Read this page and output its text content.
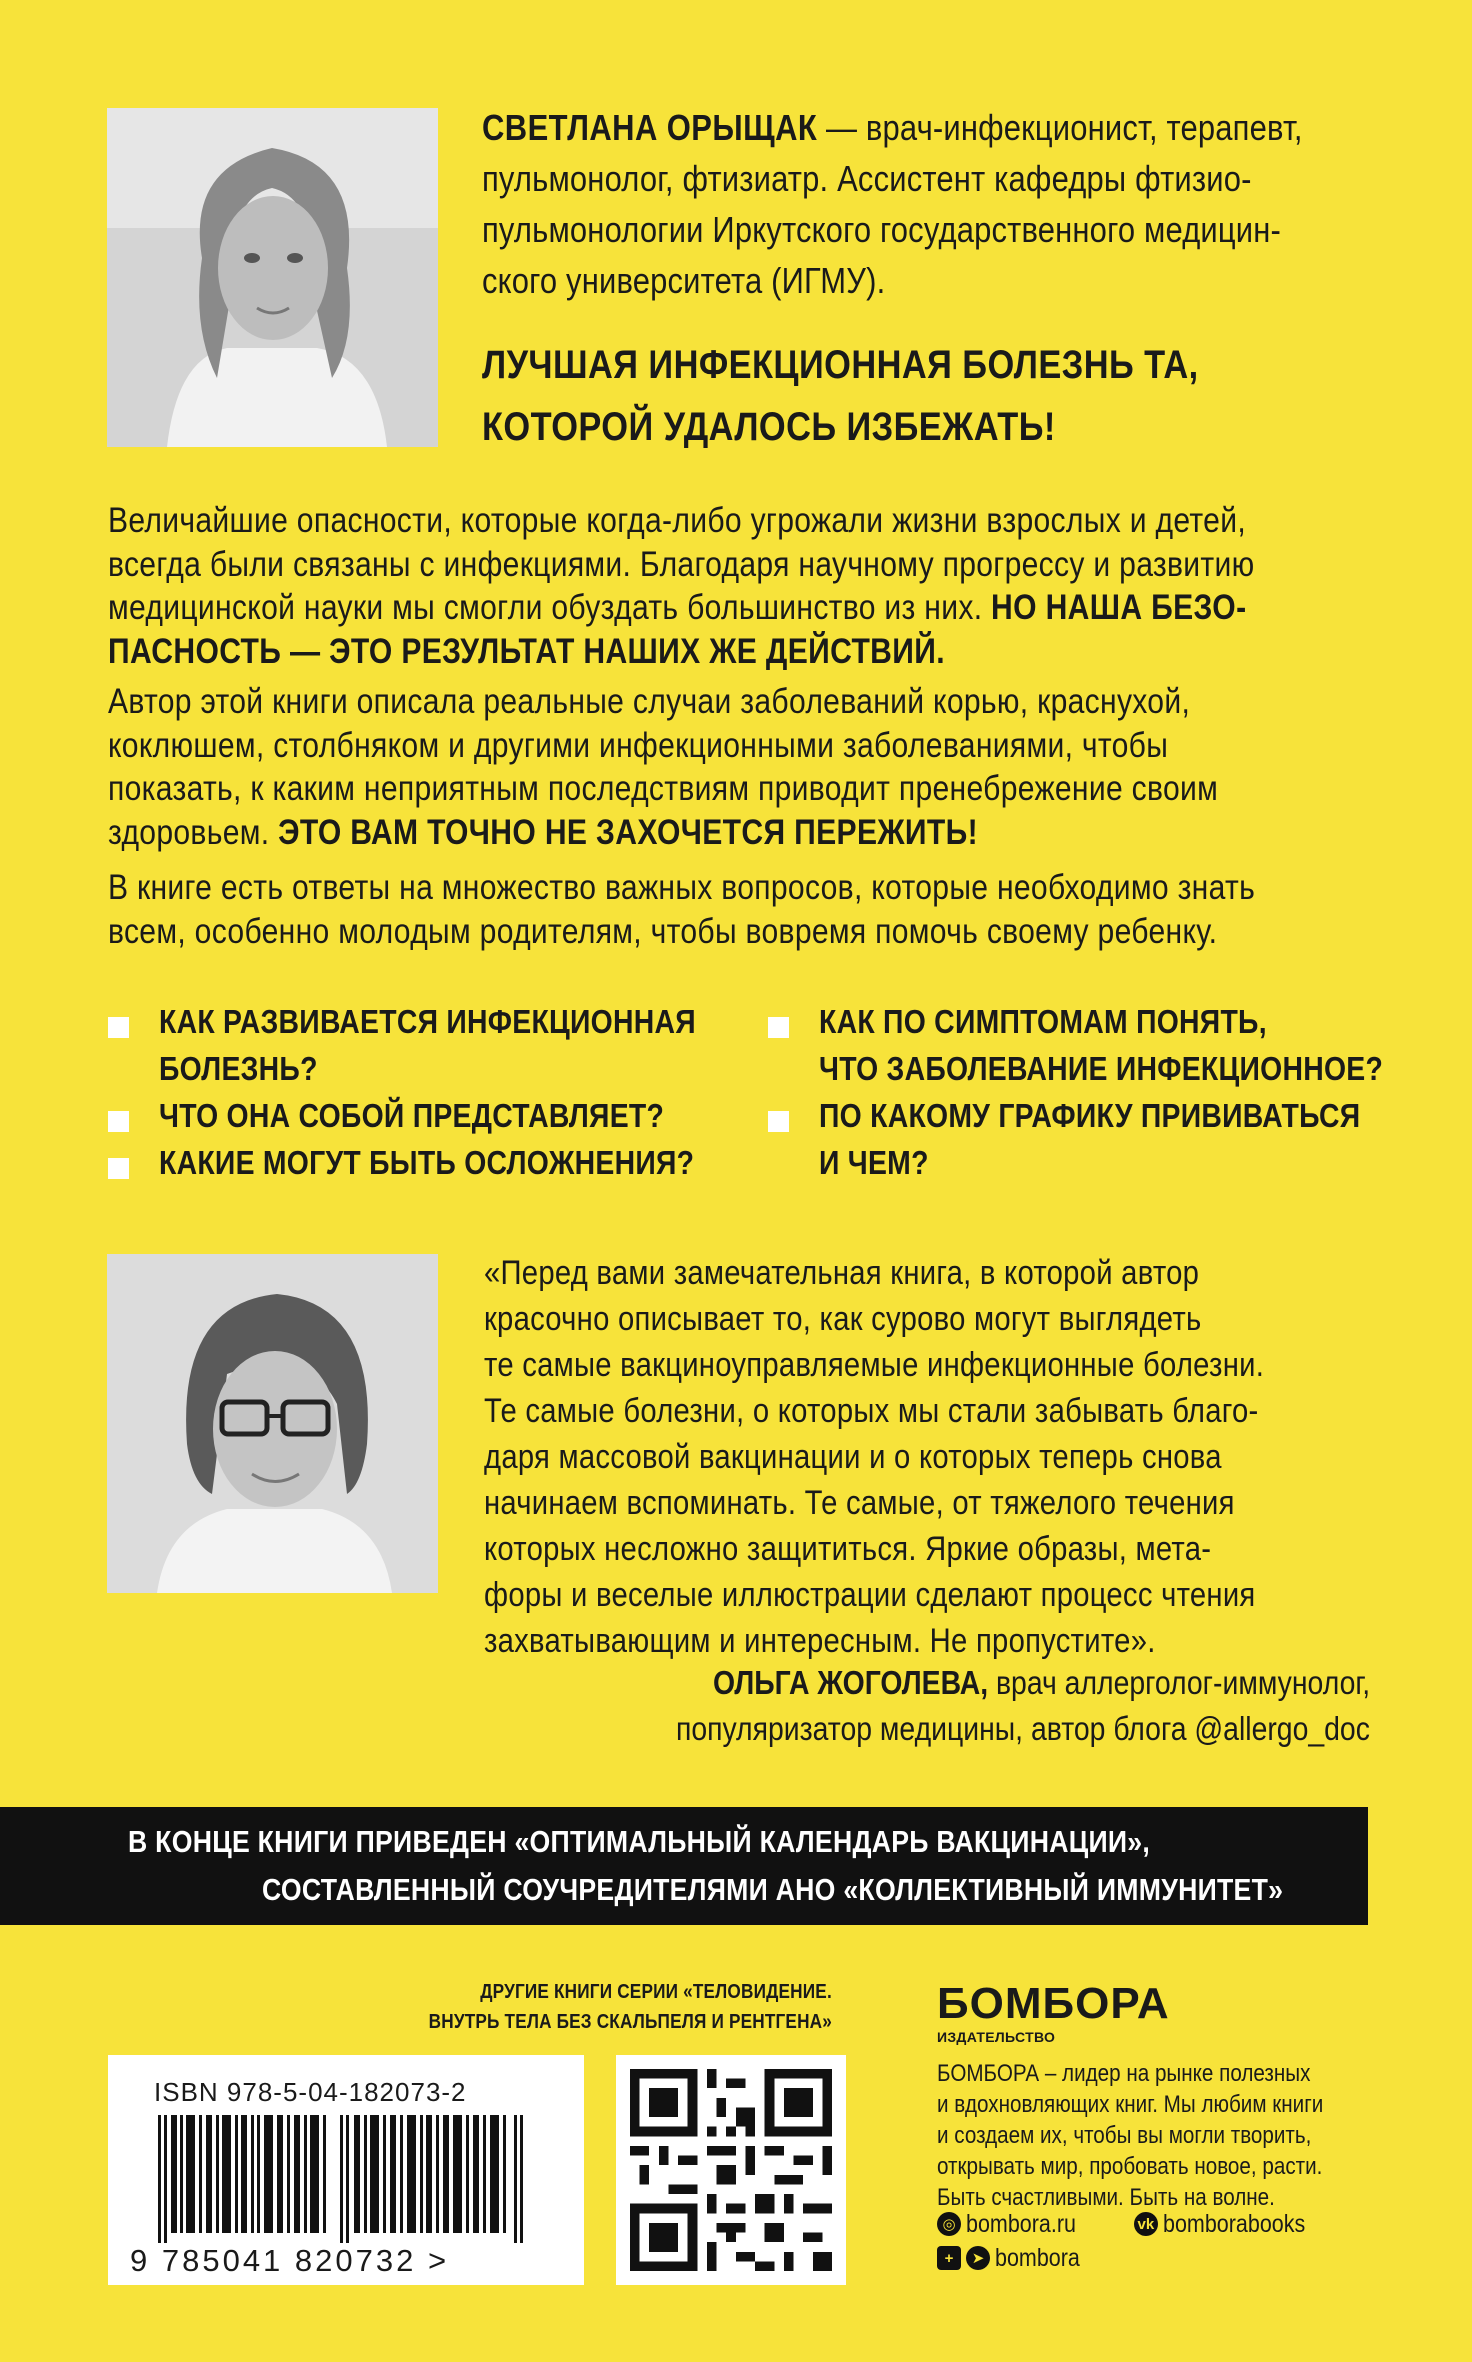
СВЕТЛАНА ОРЫЩАК — врач-инфекционист, терапевт,
пульмонолог, фтизиатр. Ассистент кафедры фтизио-
пульмонологии Иркутского государственного медицин-
ского университета (ИГМУ).
ЛУЧШАЯ ИНФЕКЦИОННАЯ БОЛЕЗНЬ ТА,
КОТОРОЙ УДАЛОСЬ ИЗБЕЖАТЬ!
Величайшие опасности, которые когда-либо угрожали жизни взрослых и детей,
всегда были связаны с инфекциями. Благодаря научному прогрессу и развитию
медицинской науки мы смогли обуздать большинство из них. НО НАША БЕЗО-
ПАСНОСТЬ — ЭТО РЕЗУЛЬТАТ НАШИХ ЖЕ ДЕЙСТВИЙ.
Автор этой книги описала реальные случаи заболеваний корью, краснухой,
коклюшем, столбняком и другими инфекционными заболеваниями, чтобы
показать, к каким неприятным последствиям приводит пренебрежение своим
здоровьем. ЭТО ВАМ ТОЧНО НЕ ЗАХОЧЕТСЯ ПЕРЕЖИТЬ!
В книге есть ответы на множество важных вопросов, которые необходимо знать
всем, особенно молодым родителям, чтобы вовремя помочь своему ребенку.
КАК РАЗВИВАЕТСЯ ИНФЕКЦИОННАЯ
БОЛЕЗНЬ?
ЧТО ОНА СОБОЙ ПРЕДСТАВЛЯЕТ?
КАКИЕ МОГУТ БЫТЬ ОСЛОЖНЕНИЯ?
КАК ПО СИМПТОМАМ ПОНЯТЬ,
ЧТО ЗАБОЛЕВАНИЕ ИНФЕКЦИОННОЕ?
ПО КАКОМУ ГРАФИКУ ПРИВИВАТЬСЯ
И ЧЕМ?
«Перед вами замечательная книга, в которой автор
красочно описывает то, как сурово могут выглядеть
те самые вакциноуправляемые инфекционные болезни.
Те самые болезни, о которых мы стали забывать благо-
даря массовой вакцинации и о которых теперь снова
начинаем вспоминать. Те самые, от тяжелого течения
которых несложно защититься. Яркие образы, мета-
форы и веселые иллюстрации сделают процесс чтения
захватывающим и интересным. Не пропустите».
ОЛЬГА ЖОГОЛЕВА, врач аллерголог-иммунолог,
популяризатор медицины, автор блога @allergo_doc
В КОНЦЕ КНИГИ ПРИВЕДЕН «ОПТИМАЛЬНЫЙ КАЛЕНДАРЬ ВАКЦИНАЦИИ»,
СОСТАВЛЕННЫЙ СОУЧРЕДИТЕЛЯМИ АНО «КОЛЛЕКТИВНЫЙ ИММУНИТЕТ»
ДРУГИЕ КНИГИ СЕРИИ «ТЕЛОВИДЕНИЕ.
ВНУТРЬ ТЕЛА БЕЗ СКАЛЬПЕЛЯ И РЕНТГЕНА»
ISBN 978-5-04-182073-2
9 785041 820732 >
БОМБОРА
ИЗДАТЕЛЬСТВО
БОМБОРА – лидер на рынке полезных
и вдохновляющих книг. Мы любим книги
и создаем их, чтобы вы могли творить,
открывать мир, пробовать новое, расти.
Быть счастливыми. Быть на волне.
◎ bombora.ru	vk bomborabooks
+	➤ bombora
